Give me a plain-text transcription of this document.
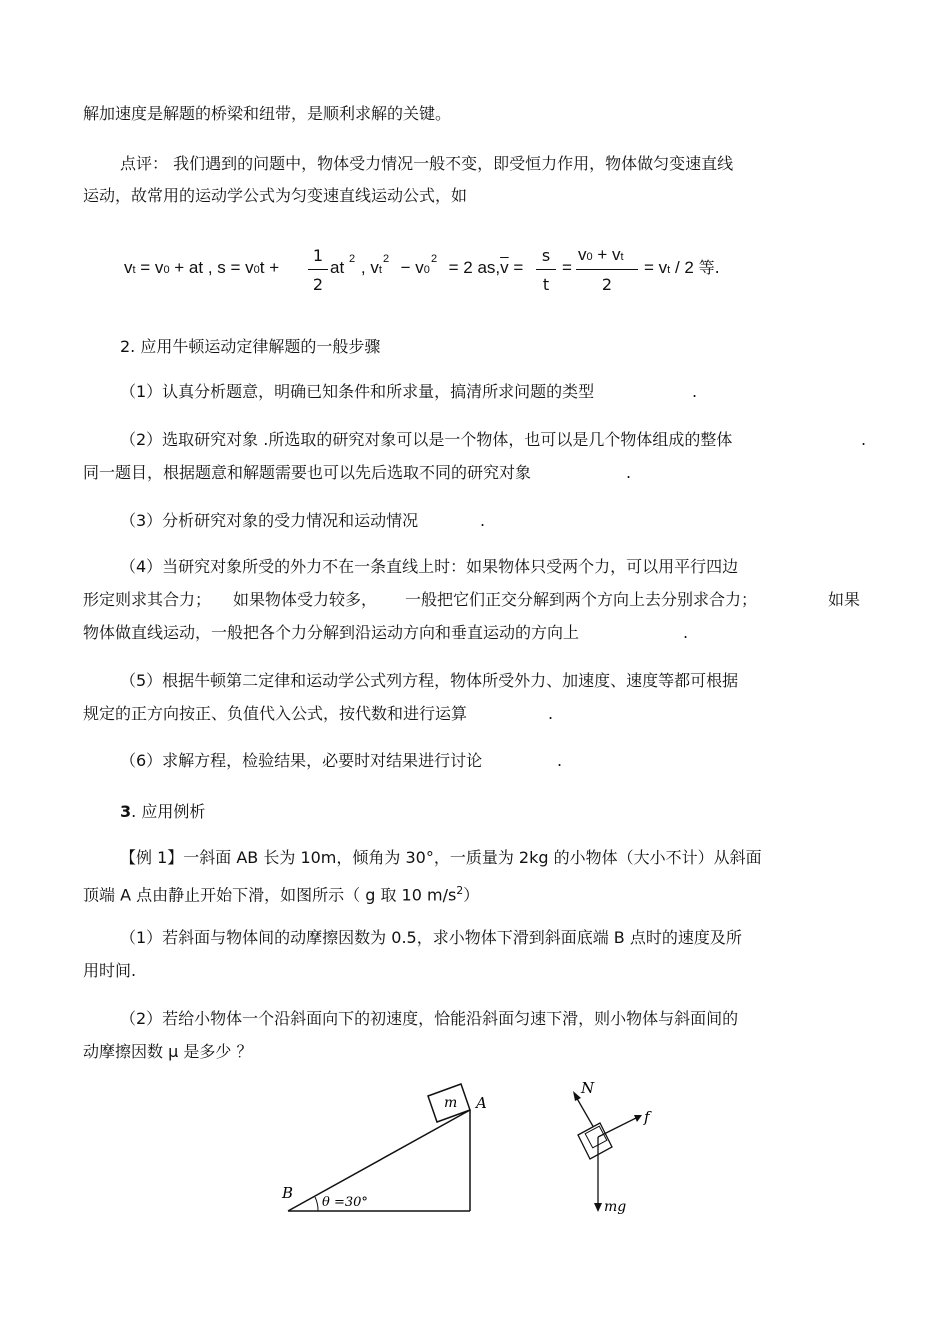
解加速度是解题的桥梁和纽带，是顺利求解的关键。
点评： 我们遇到的问题中，物体受力情况一般不变，即受恒力作用，物体做匀变速直线
运动，故常用的运动学公式为匀变速直线运动公式，如
vt = v0 + at , s = v0t +
1
2
at , vt − v0 = 2 $as,\overline{v}$ =
2	2	2	s
t
=
v0 + vt
2
= vt / 2 等.
2. 应用牛顿运动定律解题的一般步骤
（1）认真分析题意，明确已知条件和所求量，搞清所求问题的类型	.
（2）选取研究对象 .所选取的研究对象可以是一个物体，也可以是几个物体组成的整体	.
同一题目，根据题意和解题需要也可以先后选取不同的研究对象	.
（3）分析研究对象的受力情况和运动情况	.
（4）当研究对象所受的外力不在一条直线上时：如果物体只受两个力，可以用平行四边
形定则求其合力； 如果物体受力较多， 一般把它们正交分解到两个方向上去分别求合力；	如果
物体做直线运动，一般把各个力分解到沿运动方向和垂直运动的方向上	.
（5）根据牛顿第二定律和运动学公式列方程，物体所受外力、加速度、速度等都可根据
规定的正方向按正、负值代入公式，按代数和进行运算	.
（6）求解方程，检验结果，必要时对结果进行讨论	.
3. 应用例析
【例 1】一斜面 AB 长为 10m，倾角为 30°，一质量为 2kg 的小物体（大小不计）从斜面
顶端 A 点由静止开始下滑，如图所示（ g 取 10 $m/s^2$）
（1）若斜面与物体间的动摩擦因数为 0.5，求小物体下滑到斜面底端 B 点时的速度及所
用时间.
（2）若给小物体一个沿斜面向下的初速度，恰能沿斜面匀速下滑，则小物体与斜面间的
动摩擦因数 μ 是多少 ？
m A
B
θ =30°
N
f
mg
